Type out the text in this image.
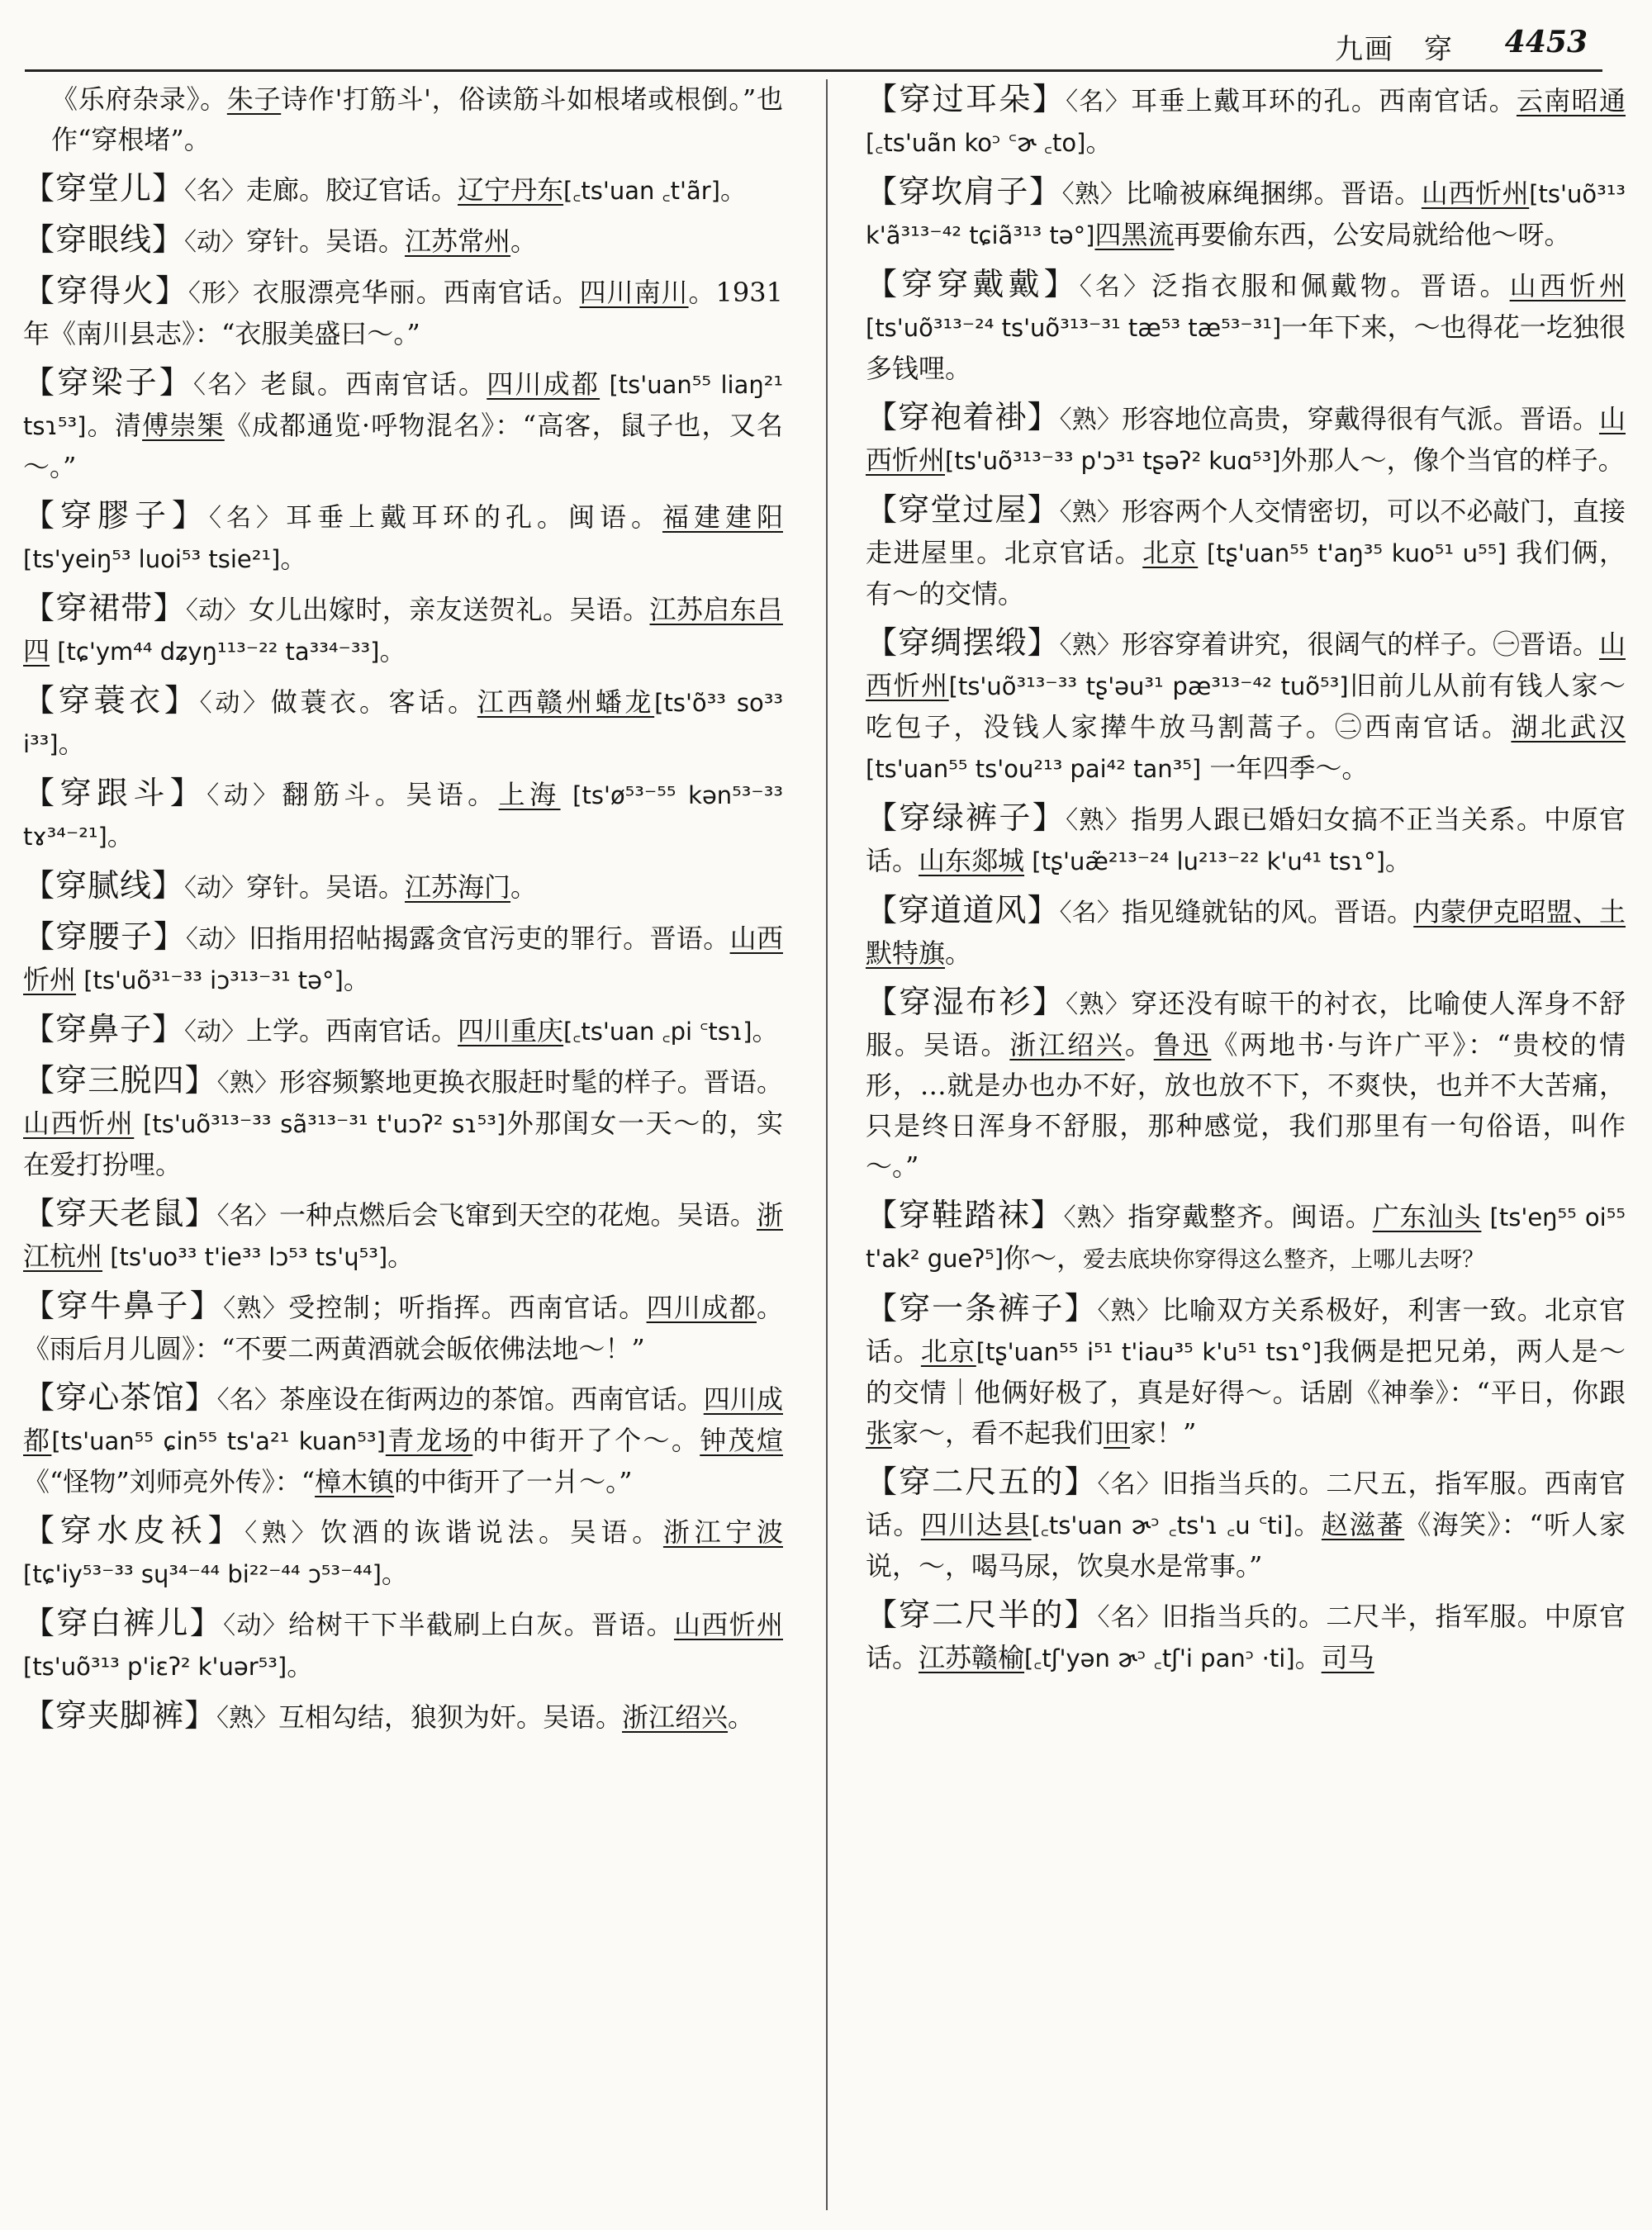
九画　穿 4453

《乐府杂录》。朱子诗作'打筋斗'，俗读筋斗如根堵或根倒。”也作“穿根堵”。

【穿堂儿】〈名〉走廊。胶辽官话。辽宁丹东[꜀ts'uan ꜀t'ãr]。

【穿眼线】〈动〉穿针。吴语。江苏常州。

【穿得火】〈形〉衣服漂亮华丽。西南官话。四川南川。1931年《南川县志》：“衣服美盛曰～。”

【穿梁子】〈名〉老鼠。西南官话。四川成都 [ts'uan⁵⁵ liaŋ²¹ tsɿ⁵³]。清傅崇榘《成都通览·呼物混名》：“高客，鼠子也，又名～。”

【穿膠子】〈名〉耳垂上戴耳环的孔。闽语。福建建阳 [ts'yeiŋ⁵³ luoi⁵³ tsie²¹]。

【穿裙带】〈动〉女儿出嫁时，亲友送贺礼。吴语。江苏启东吕四 [tɕ'ym⁴⁴ dʑyŋ¹¹³⁻²² ta³³⁴⁻³³]。

【穿蓑衣】〈动〉做蓑衣。客话。江西赣州蟠龙[ts'õ³³ so³³ i³³]。

【穿跟斗】〈动〉翻筋斗。吴语。上海 [ts'ø⁵³⁻⁵⁵ kən⁵³⁻³³ tɤ³⁴⁻²¹]。

【穿腻线】〈动〉穿针。吴语。江苏海门。

【穿腰子】〈动〉旧指用招帖揭露贪官污吏的罪行。晋语。山西忻州 [ts'uõ³¹⁻³³ iɔ³¹³⁻³¹ tə°]。

【穿鼻子】〈动〉上学。西南官话。四川重庆[꜀ts'uan ꜀pi ꜂tsɿ]。

【穿三脱四】〈熟〉形容频繁地更换衣服赶时髦的样子。晋语。山西忻州 [ts'uõ³¹³⁻³³ sã³¹³⁻³¹ t'uɔʔ² sɿ⁵³]外那闺女一天～的，实在爱打扮哩。

【穿天老鼠】〈名〉一种点燃后会飞窜到天空的花炮。吴语。浙江杭州 [ts'uo³³ t'ie³³ lɔ⁵³ ts'ɥ⁵³]。

【穿牛鼻子】〈熟〉受控制；听指挥。西南官话。四川成都。《雨后月儿圆》：“不要二两黄酒就会皈依佛法地～！”

【穿心茶馆】〈名〉茶座设在街两边的茶馆。西南官话。四川成都[ts'uan⁵⁵ ɕin⁵⁵ ts'a²¹ kuan⁵³]青龙场的中街开了个～。钟茂煊《“怪物”刘师亮外传》：“樟木镇的中街开了一爿～。”

【穿水皮袄】〈熟〉饮酒的诙谐说法。吴语。浙江宁波 [tɕ'iy⁵³⁻³³ sɥ³⁴⁻⁴⁴ bi²²⁻⁴⁴ ɔ⁵³⁻⁴⁴]。

【穿白裤儿】〈动〉给树干下半截刷上白灰。晋语。山西忻州[ts'uõ³¹³ p'iɛʔ² k'uər⁵³]。

【穿夹脚裤】〈熟〉互相勾结，狼狈为奸。吴语。浙江绍兴。

【穿过耳朵】〈名〉耳垂上戴耳环的孔。西南官话。云南昭通 [꜀ts'uãn koᵓ ꜂ɚ ꜀to]。

【穿坎肩子】〈熟〉比喻被麻绳捆绑。晋语。山西忻州[ts'uõ³¹³ k'ã³¹³⁻⁴² tɕiã³¹³ tə°]四黑流再要偷东西，公安局就给他～呀。

【穿穿戴戴】〈名〉泛指衣服和佩戴物。晋语。山西忻州[ts'uõ³¹³⁻²⁴ ts'uõ³¹³⁻³¹ tæ⁵³ tæ⁵³⁻³¹]一年下来，～也得花一圪独很多钱哩。

【穿袍着褂】〈熟〉形容地位高贵，穿戴得很有气派。晋语。山西忻州[ts'uõ³¹³⁻³³ p'ɔ³¹ tʂəʔ² kuɑ⁵³]外那人～，像个当官的样子。

【穿堂过屋】〈熟〉形容两个人交情密切，可以不必敲门，直接走进屋里。北京官话。北京 [tʂ'uan⁵⁵ t'aŋ³⁵ kuo⁵¹ u⁵⁵] 我们俩，有～的交情。

【穿绸摆缎】〈熟〉形容穿着讲究，很阔气的样子。㊀晋语。山西忻州[ts'uõ³¹³⁻³³ tʂ'əu³¹ pæ³¹³⁻⁴² tuõ⁵³]旧前儿从前有钱人家～吃包子，没钱人家撵牛放马割蒿子。㊁西南官话。湖北武汉 [ts'uan⁵⁵ ts'ou²¹³ pai⁴² tan³⁵] 一年四季～。

【穿绿裤子】〈熟〉指男人跟已婚妇女搞不正当关系。中原官话。山东郯城 [tʂ'uæ̃²¹³⁻²⁴ lu²¹³⁻²² k'u⁴¹ tsɿ°]。

【穿道道风】〈名〉指见缝就钻的风。晋语。内蒙伊克昭盟、土默特旗。

【穿湿布衫】〈熟〉穿还没有晾干的衬衣，比喻使人浑身不舒服。吴语。浙江绍兴。鲁迅《两地书·与许广平》：“贵校的情形，…就是办也办不好，放也放不下，不爽快，也并不大苦痛，只是终日浑身不舒服，那种感觉，我们那里有一句俗语，叫作～。”

【穿鞋踏袜】〈熟〉指穿戴整齐。闽语。广东汕头 [ts'eŋ⁵⁵ oi⁵⁵ t'ak² gueʔ⁵]你～，爱去底块你穿得这么整齐，上哪儿去呀？

【穿一条裤子】〈熟〉比喻双方关系极好，利害一致。北京官话。北京[tʂ'uan⁵⁵ i⁵¹ t'iau³⁵ k'u⁵¹ tsɿ°]我俩是把兄弟，两人是～的交情｜他俩好极了，真是好得～。话剧《神拳》：“平日，你跟张家～，看不起我们田家！”

【穿二尺五的】〈名〉旧指当兵的。二尺五，指军服。西南官话。四川达县[꜀ts'uan ɚᵓ ꜀ts'ɿ ꜀u ꜂ti]。赵滋蕃《海笑》：“听人家说，～，喝马尿，饮臭水是常事。”

【穿二尺半的】〈名〉旧指当兵的。二尺半，指军服。中原官话。江苏赣榆[꜀tʃ'yən ɚᵓ ꜀tʃ'i panᵓ ·ti]。司马
